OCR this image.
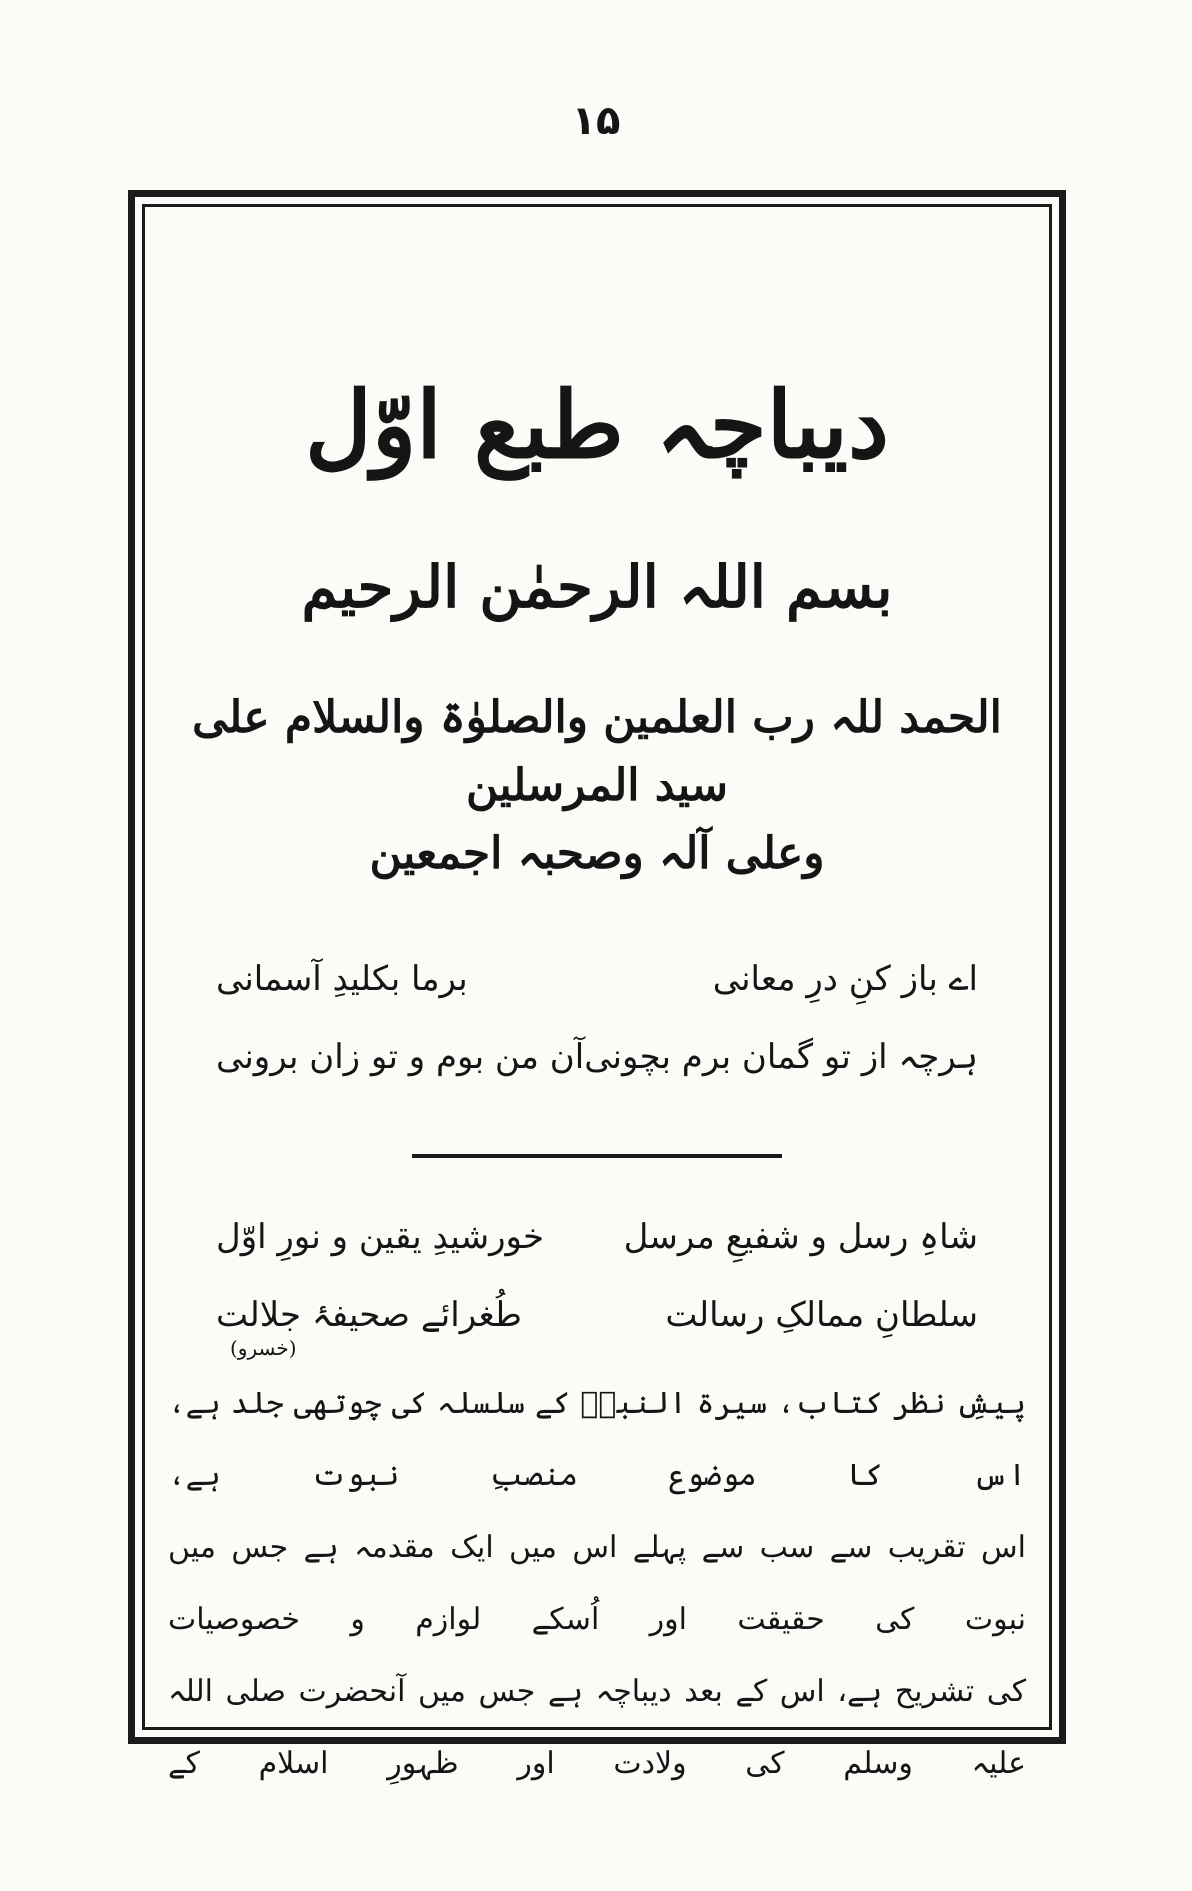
۱۵
دیباچہ طبع اوّل
بسم اللہ الرحمٰن الرحیم
الحمد للہ رب العلمین والصلوٰۃ والسلام علی سید المرسلین
وعلی آلہ وصحبہ اجمعین
اے باز کنِ درِ معانی
برما بکلیدِ آسمانی
ہرچہ از تو گمان برم بچونی
آن من بوم و تو زان برونی
شاہِ رسل و شفیعِ مرسل
خورشیدِ یقین و نورِ اوّل
سلطانِ ممالکِ رسالت
طُغرائے صحیفۂ جلالت
(خسرو)

پیشِ نظر کتاب، سیرۃ النبیؐ کے سلسلہ کی چوتھی جلد ہے، اس کا موضوع منصبِ نبوت ہے،

اس تقریب سے سب سے پہلے اس میں ایک مقدمہ ہے جس میں نبوت کی حقیقت اور اُسکے لوازم و خصوصیات

کی تشریح ہے، اس کے بعد دیباچہ ہے جس میں آنحضرت صلی اللہ علیہ وسلم کی ولادت اور ظہورِ اسلام کے
